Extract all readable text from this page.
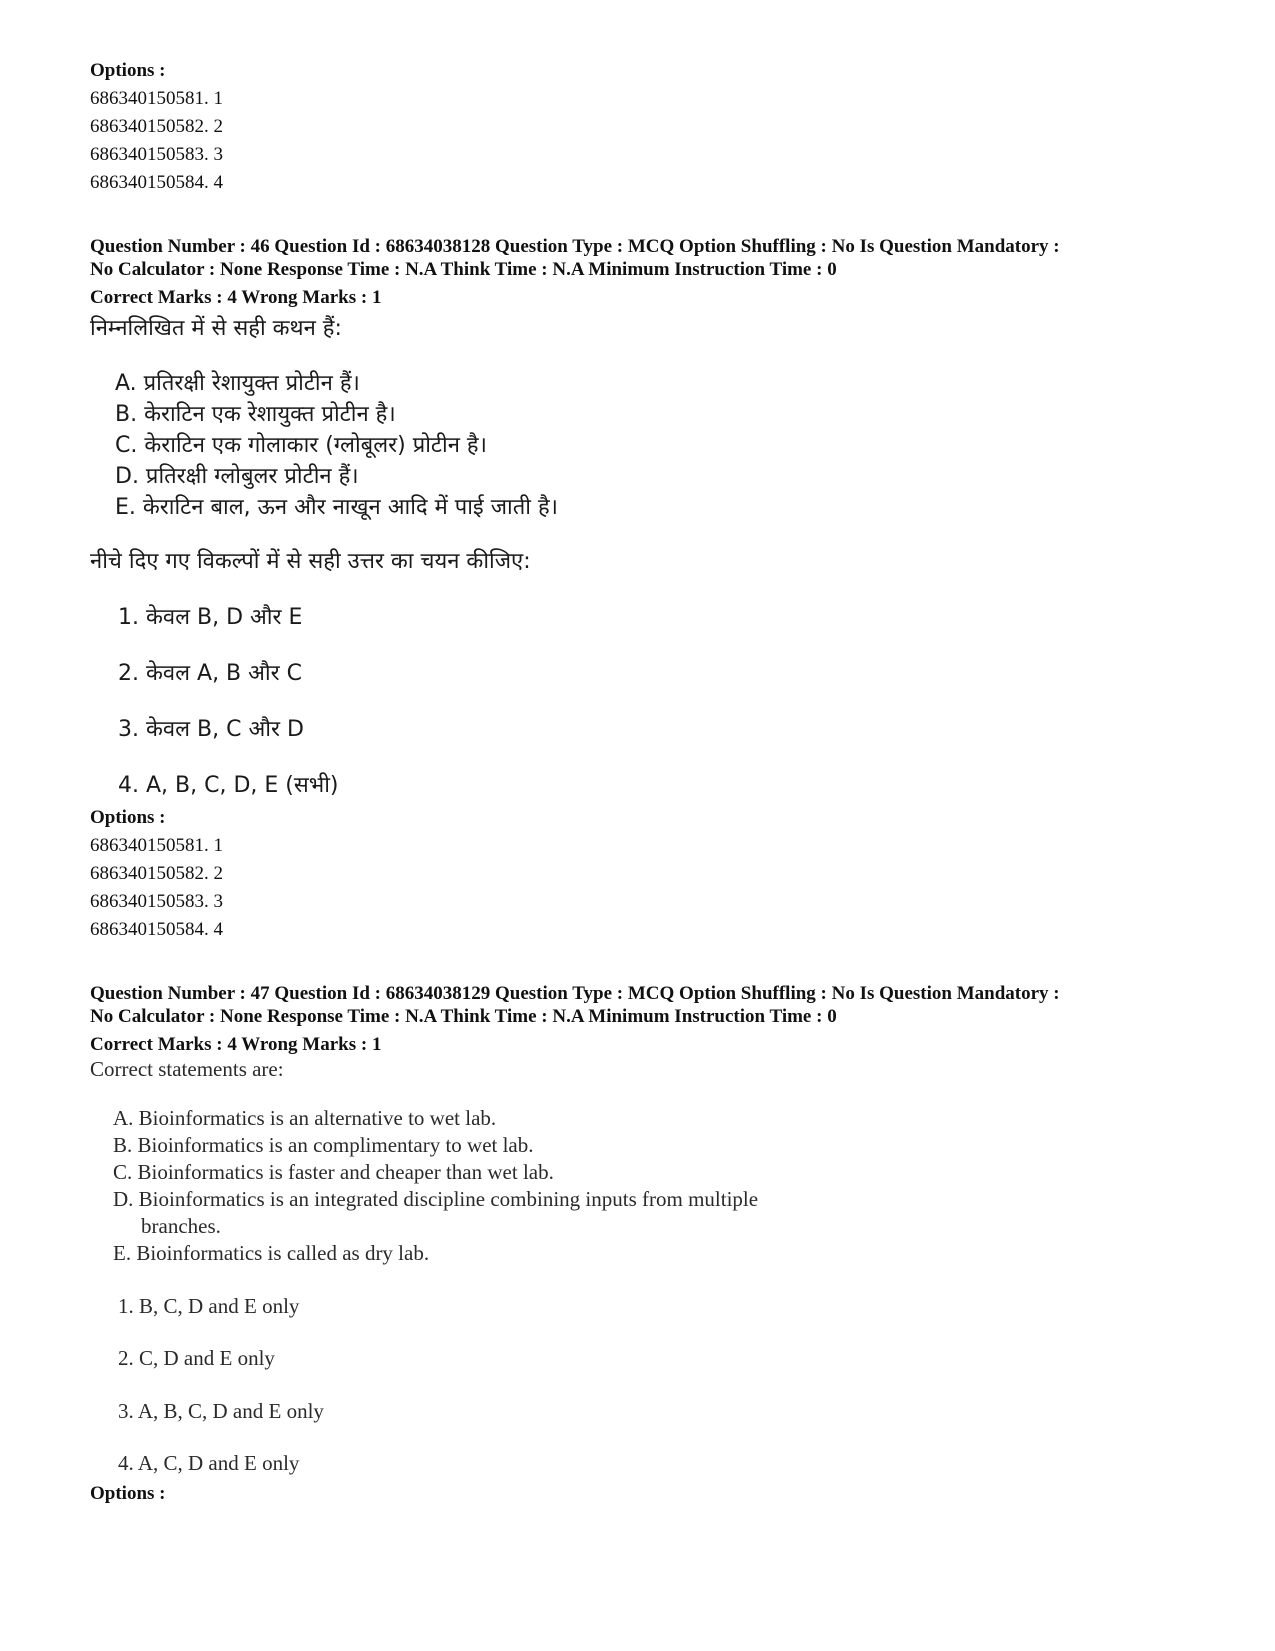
Options :
686340150581. 1
686340150582. 2
686340150583. 3
686340150584. 4
Question Number : 46 Question Id : 68634038128 Question Type : MCQ Option Shuffling : No Is Question Mandatory :
No Calculator : None Response Time : N.A Think Time : N.A Minimum Instruction Time : 0
Correct Marks : 4 Wrong Marks : 1
निम्नलिखित में से सही कथन हैं:
A. प्रतिरक्षी रेशायुक्त प्रोटीन हैं।
B. केराटिन एक रेशायुक्त प्रोटीन है।
C. केराटिन एक गोलाकार (ग्लोबूलर) प्रोटीन है।
D. प्रतिरक्षी ग्लोबुलर प्रोटीन हैं।
E. केराटिन बाल, ऊन और नाखून आदि में पाई जाती है।
नीचे दिए गए विकल्पों में से सही उत्तर का चयन कीजिए:
1. केवल B, D और E
2. केवल A, B और C
3. केवल B, C और D
4. A, B, C, D, E (सभी)
Options :
686340150581. 1
686340150582. 2
686340150583. 3
686340150584. 4
Question Number : 47 Question Id : 68634038129 Question Type : MCQ Option Shuffling : No Is Question Mandatory :
No Calculator : None Response Time : N.A Think Time : N.A Minimum Instruction Time : 0
Correct Marks : 4 Wrong Marks : 1
Correct statements are:
A. Bioinformatics is an alternative to wet lab.
B. Bioinformatics is an complimentary to wet lab.
C. Bioinformatics is faster and cheaper than wet lab.
D. Bioinformatics is an integrated discipline combining inputs from multiple
branches.
E. Bioinformatics is called as dry lab.
1. B, C, D and E only
2. C, D and E only
3. A, B, C, D and E only
4. A, C, D and E only
Options :
